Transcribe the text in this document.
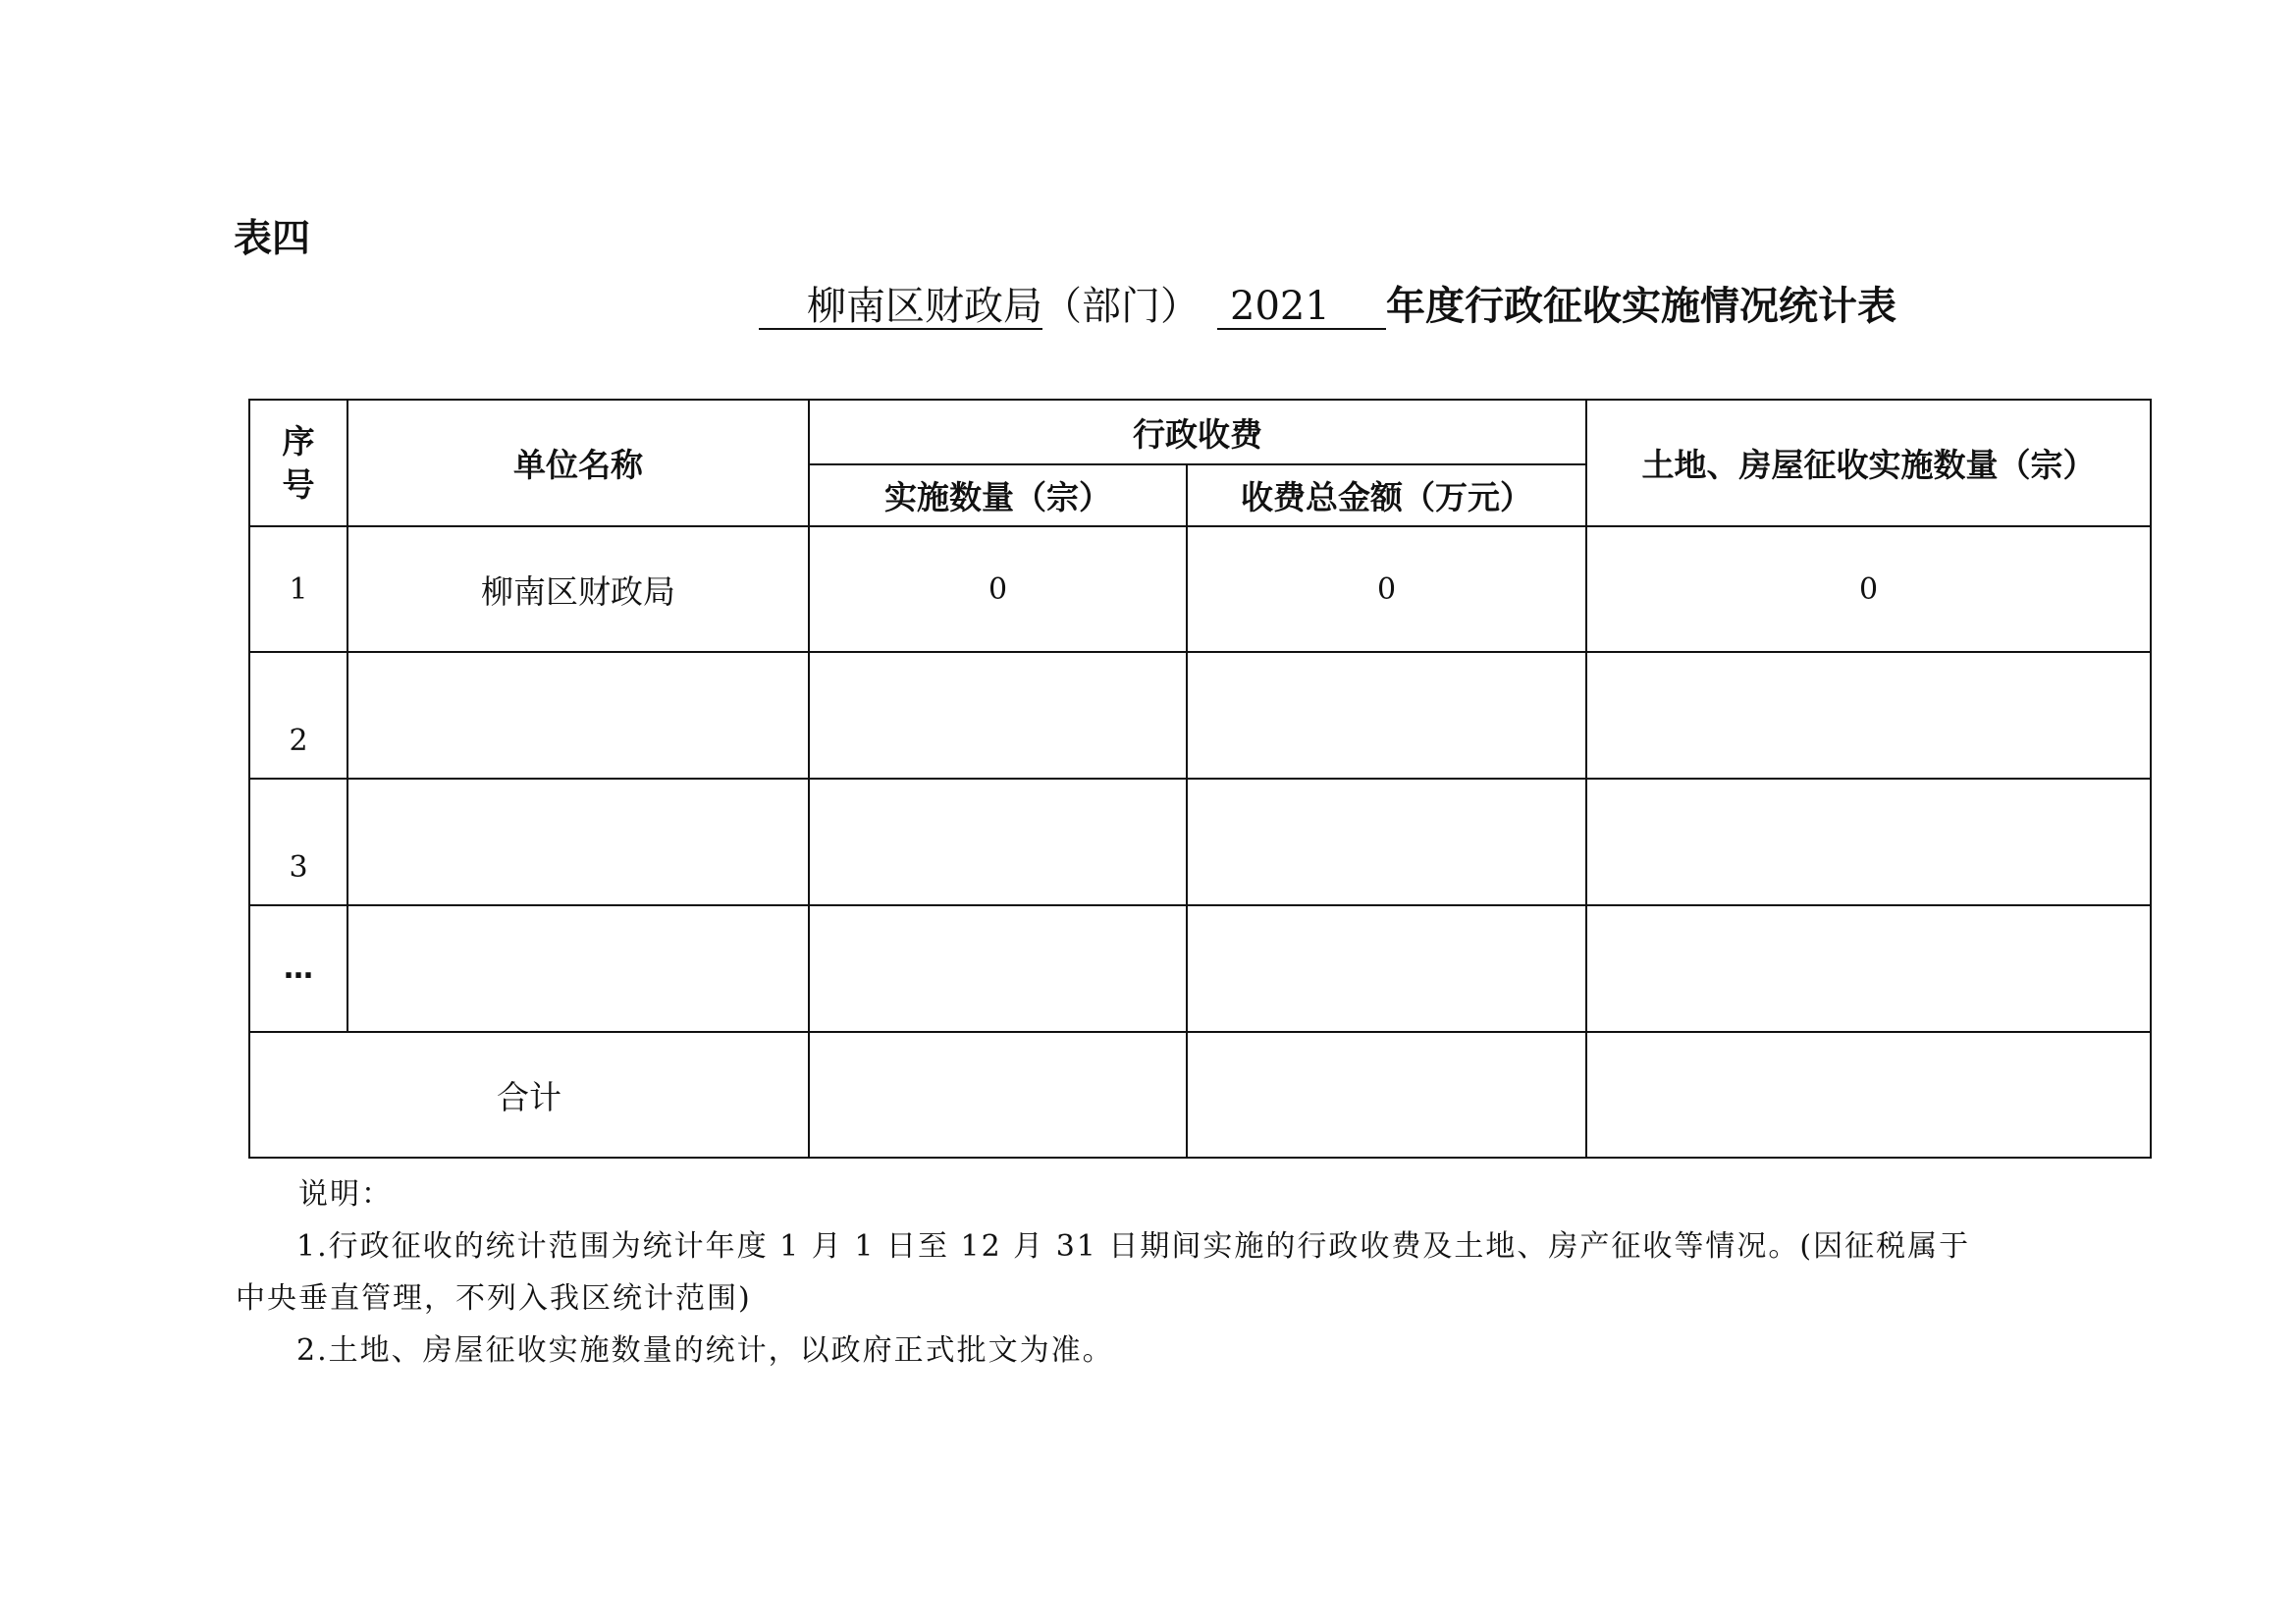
表四
柳南区财政局 （部门） 2021	年度行政征收实施情况统计表
序
号	单位名称	行政收费		土地、房屋征收实施数量（宗）
		实施数量（宗）	收费总金额（万元）	
1	柳南区财政局	0	0	0
2				
3				
…				
合计				
说明：
1.行政征收的统计范围为统计年度 1 月 1 日至 12 月 31 日期间实施的行政收费及土地、房产征收等情况。(因征税属于
中央垂直管理，不列入我区统计范围)
2.土地、房屋征收实施数量的统计，以政府正式批文为准。
